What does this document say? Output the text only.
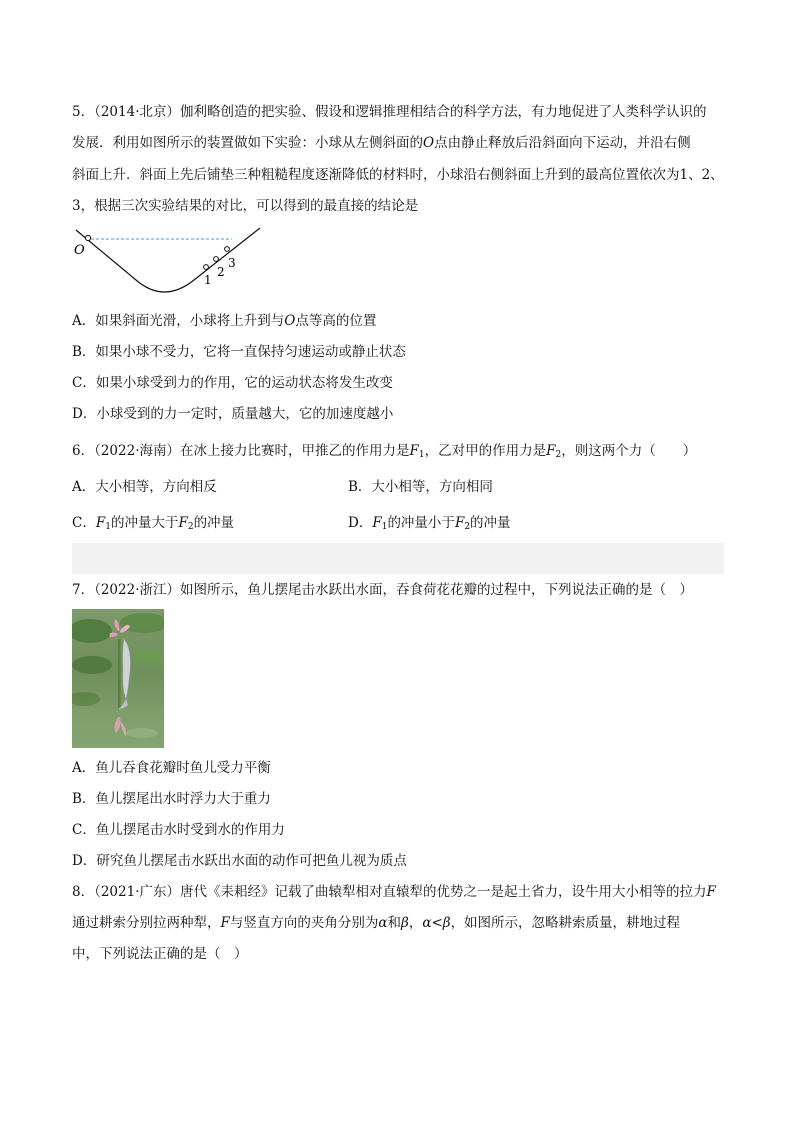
5．（2014·北京）伽利略创造的把实验、假设和逻辑推理相结合的科学方法，有力地促进了人类科学认识的
发展．利用如图所示的装置做如下实验：小球从左侧斜面的O点由静止释放后沿斜面向下运动，并沿右侧
斜面上升．斜面上先后铺垫三种粗糙程度逐渐降低的材料时，小球沿右侧斜面上升到的最高位置依次为1、2、
3，根据三次实验结果的对比，可以得到的最直接的结论是
O
1
2
3
A．如果斜面光滑，小球将上升到与O点等高的位置
B．如果小球不受力，它将一直保持匀速运动或静止状态
C．如果小球受到力的作用，它的运动状态将发生改变
D．小球受到的力一定时，质量越大，它的加速度越小
6．（2022·海南）在冰上接力比赛时，甲推乙的作用力是$F_1$，乙对甲的作用力是$F_2$，则这两个力（　　）
A．大小相等，方向相反	B．大小相等，方向相同
C．$F_1$的冲量大于$F_2$的冲量	D．$F_1$的冲量小于$F_2$的冲量
7．（2022·浙江）如图所示，鱼儿摆尾击水跃出水面，吞食荷花花瓣的过程中，下列说法正确的是（　）
A．鱼儿吞食花瓣时鱼儿受力平衡
B．鱼儿摆尾出水时浮力大于重力
C．鱼儿摆尾击水时受到水的作用力
D．研究鱼儿摆尾击水跃出水面的动作可把鱼儿视为质点
8．（2021·广东）唐代《耒耜经》记载了曲辕犁相对直辕犁的优势之一是起土省力，设牛用大小相等的拉力F
通过耕索分别拉两种犁，F与竖直方向的夹角分别为α和β，α<β，如图所示，忽略耕索质量，耕地过程
中，下列说法正确的是（　）
